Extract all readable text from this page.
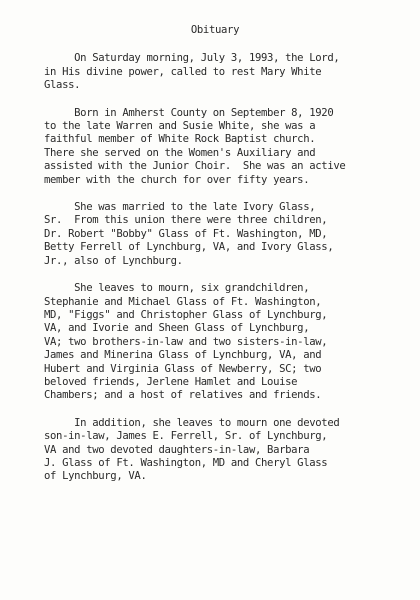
Obituary
On Saturday morning, July 3, 1993, the Lord,
in His divine power, called to rest Mary White
Glass.
Born in Amherst County on September 8, 1920
to the late Warren and Susie White, she was a
faithful member of White Rock Baptist church.
There she served on the Women's Auxiliary and
assisted with the Junior Choir.  She was an active
member with the church for over fifty years.
She was married to the late Ivory Glass,
Sr.  From this union there were three children,
Dr. Robert "Bobby" Glass of Ft. Washington, MD,
Betty Ferrell of Lynchburg, VA, and Ivory Glass,
Jr., also of Lynchburg.
She leaves to mourn, six grandchildren,
Stephanie and Michael Glass of Ft. Washington,
MD, "Figgs" and Christopher Glass of Lynchburg,
VA, and Ivorie and Sheen Glass of Lynchburg,
VA; two brothers-in-law and two sisters-in-law,
James and Minerina Glass of Lynchburg, VA, and
Hubert and Virginia Glass of Newberry, SC; two
beloved friends, Jerlene Hamlet and Louise
Chambers; and a host of relatives and friends.
In addition, she leaves to mourn one devoted
son-in-law, James E. Ferrell, Sr. of Lynchburg,
VA and two devoted daughters-in-law, Barbara
J. Glass of Ft. Washington, MD and Cheryl Glass
of Lynchburg, VA.
